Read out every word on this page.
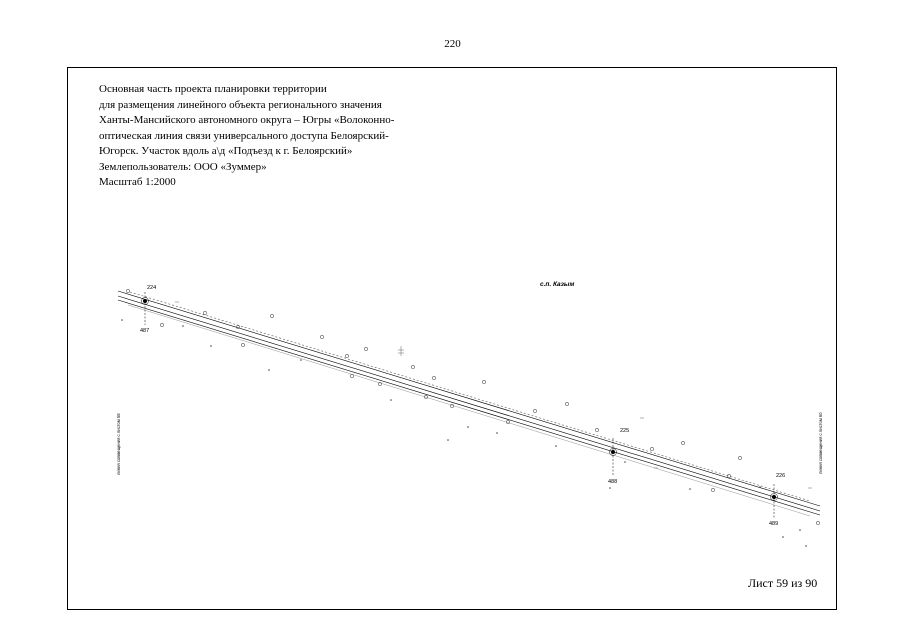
220
Основная часть проекта планировки территории
для размещения линейного объекта регионального значения
Ханты-Мансийского автономного округа – Югры «Волоконно-
оптическая линия связи универсального доступа Белоярский-
Югорск. Участок вдоль а\д «Подъезд к г. Белоярский»
Землепользователь: ООО «Зуммер»
Масштаб 1:2000
224
487
225
488
226
489
с.п. Казым
линия совмещения с листом 58	линия совмещения с листом 60
Лист 59 из 90
